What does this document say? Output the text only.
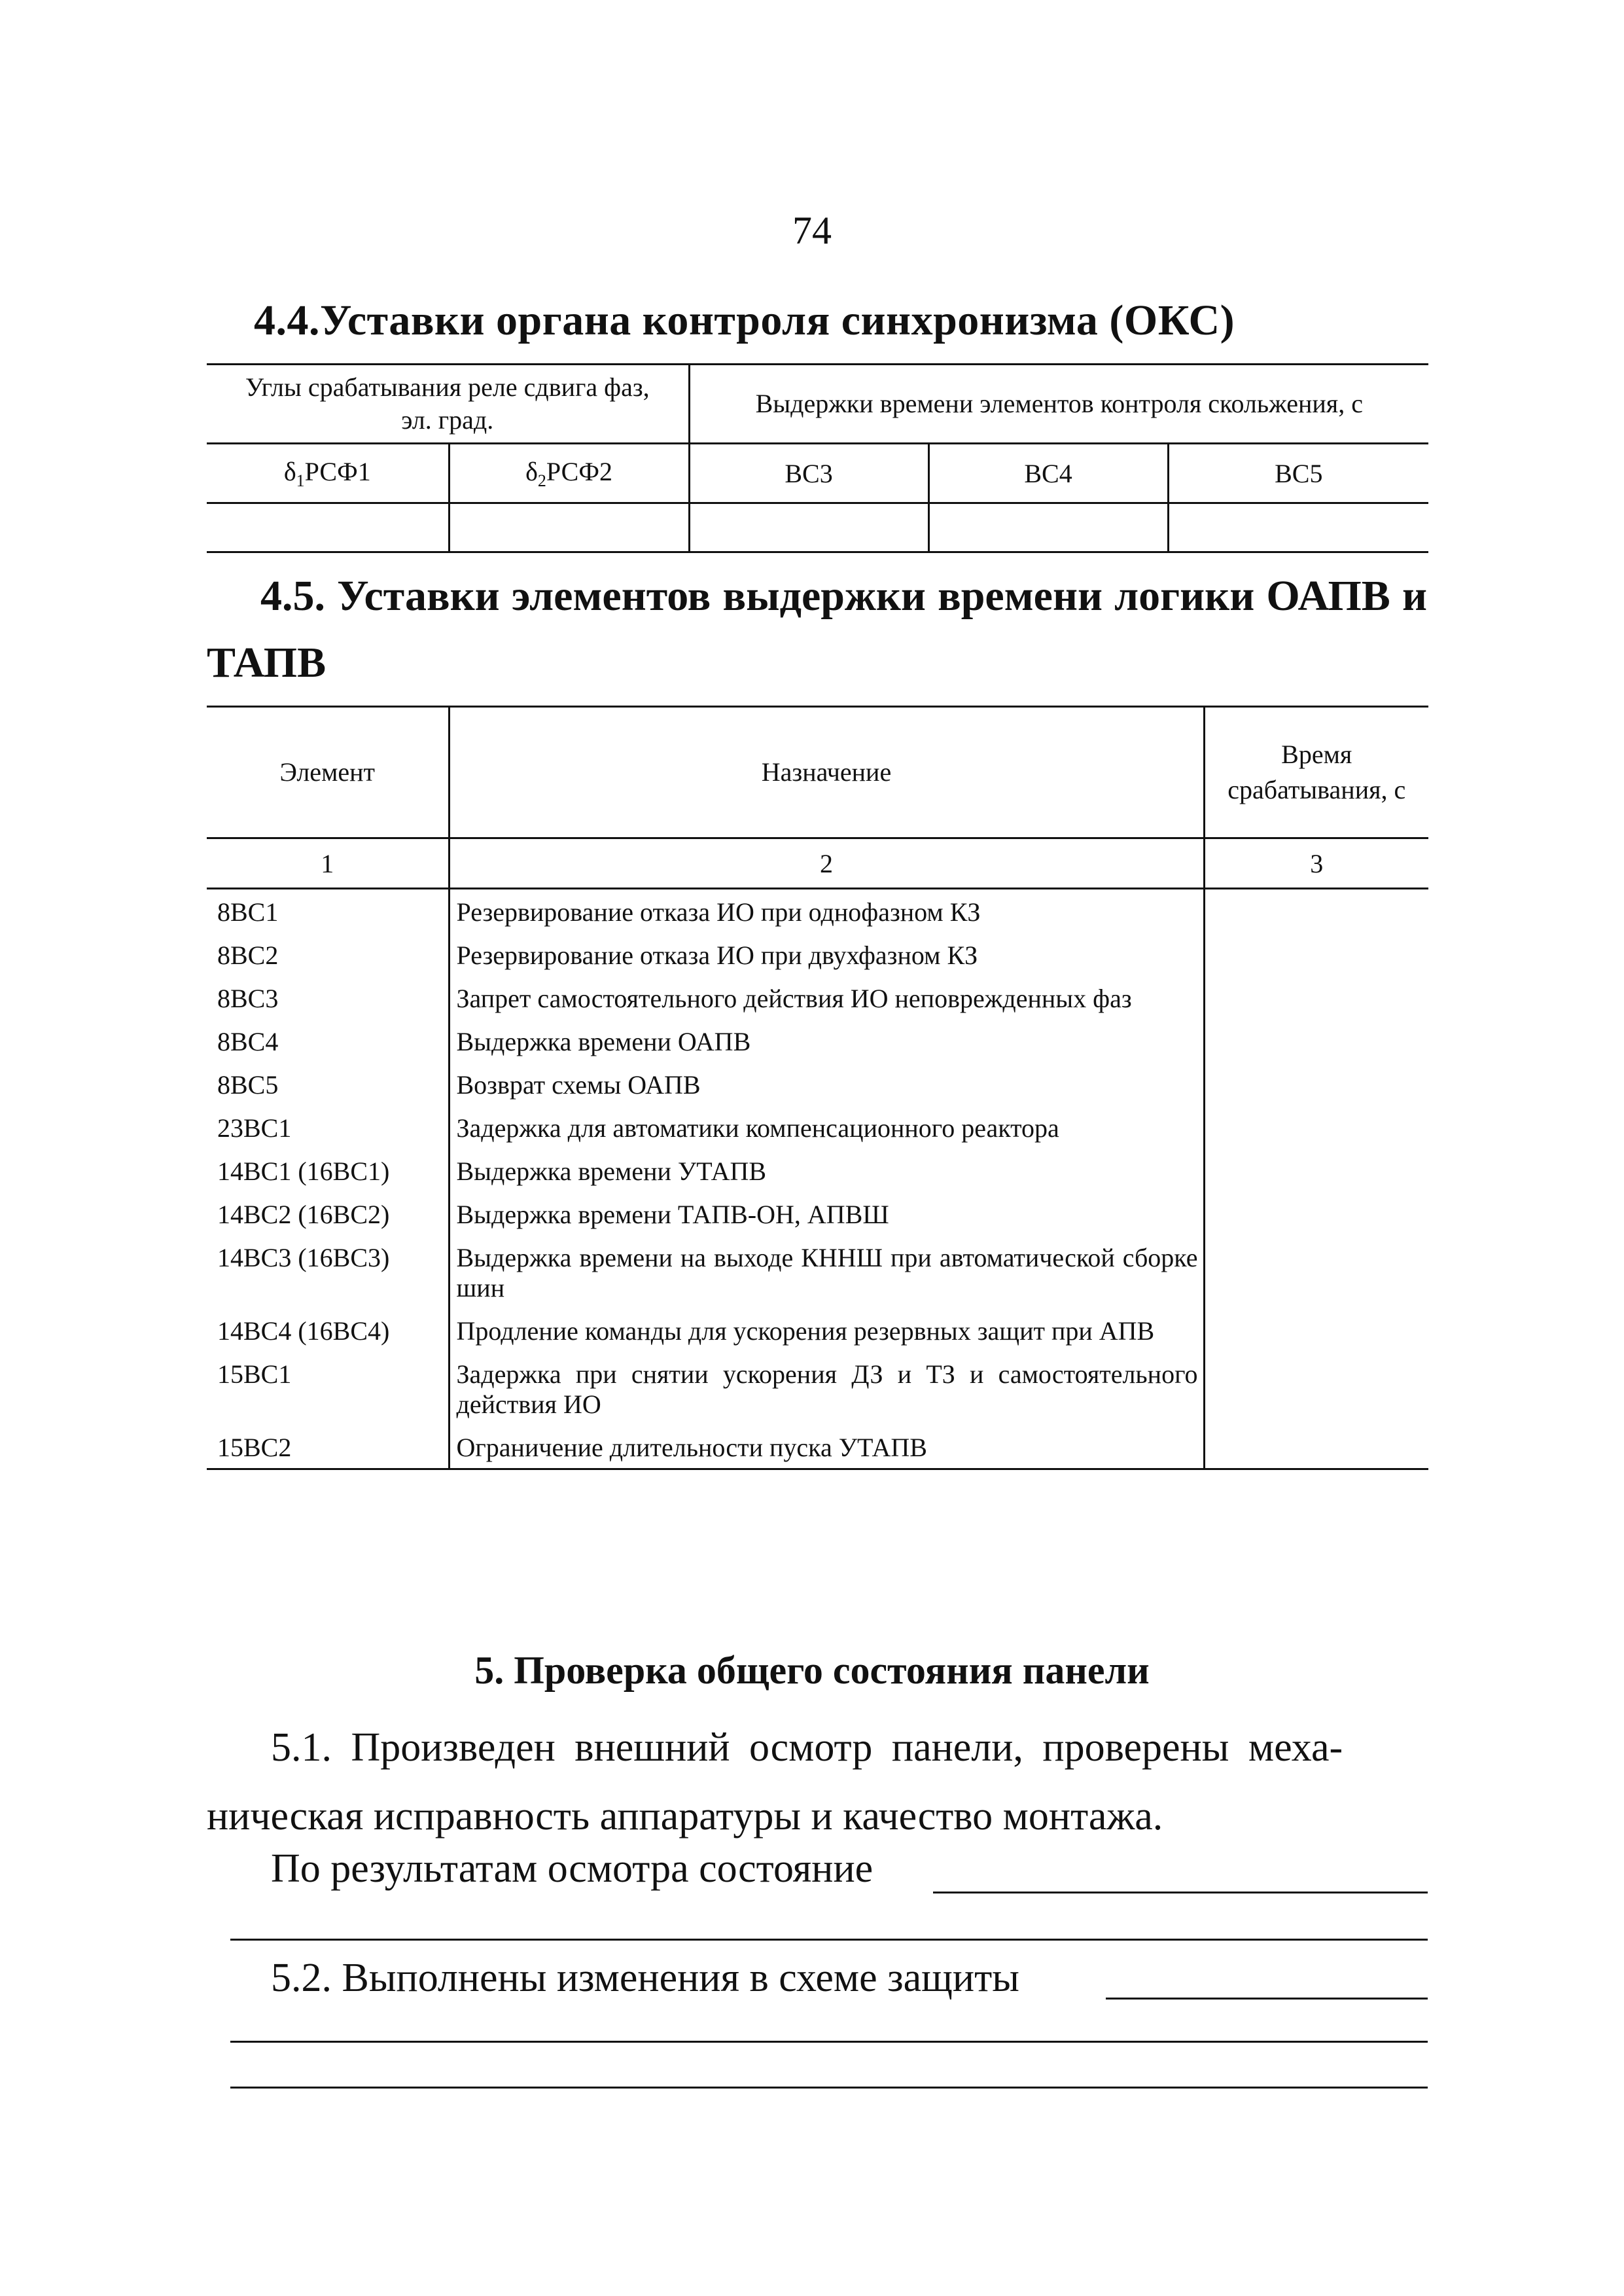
74
4.4.Уставки органа контроля синхронизма (ОКС)
Углы срабатывания реле сдвига фаз, эл. град.		Выдержки времени элементов контроля скольжения, с		
$\delta_1РСФ1$	$\delta_2РСФ2$	ВС3	ВС4	ВС5

4.5. Уставки элементов выдержки времени логики ОАПВ и
ТАПВ
Элемент	Назначение	Время срабатывания, с
1	2	3
8ВС1	Резервирование отказа ИО при однофазном КЗ	
8ВС2	Резервирование отказа ИО при двухфазном КЗ	
8ВС3	Запрет самостоятельного действия ИО неповрежденных фаз	
8ВС4	Выдержка времени ОАПВ	
8ВС5	Возврат схемы ОАПВ	
23ВС1	Задержка для автоматики компенсационного реактора	
14ВС1 (16ВС1)	Выдержка времени УТАПВ	
14ВС2 (16ВС2)	Выдержка времени ТАПВ-ОН, АПВШ	
14ВС3 (16ВС3)	Выдержка времени на выходе КННШ при автоматической сборке шин	
14ВС4 (16ВС4)	Продление команды для ускорения резервных защит при АПВ	
15ВС1	Задержка при снятии ускорения ДЗ и ТЗ и самостоятельного действия ИО	
15ВС2	Ограничение длительности пуска УТАПВ	
5. Проверка общего состояния панели
5.1. Произведен внешний осмотр панели, проверены меха-
ническая исправность аппаратуры и качество монтажа.
По результатам осмотра состояние
5.2. Выполнены изменения в схеме защиты
